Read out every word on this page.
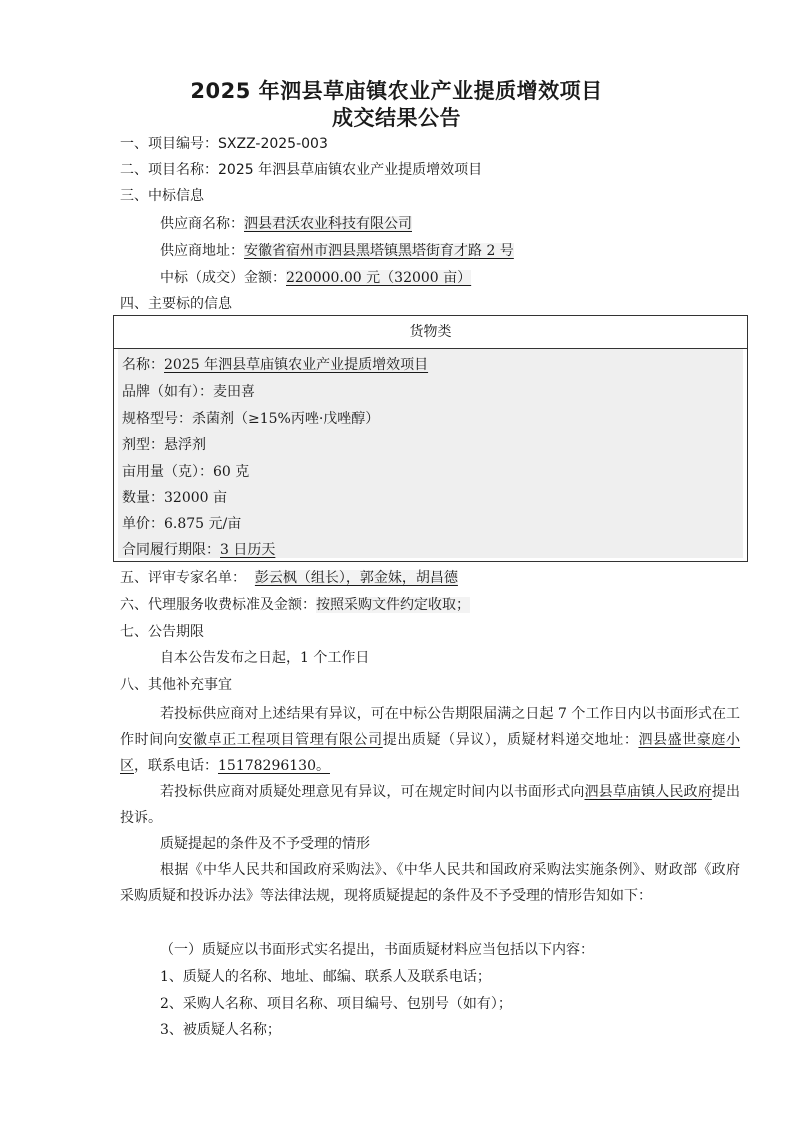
2025 年泗县草庙镇农业产业提质增效项目
成交结果公告
一、项目编号：SXZZ-2025-003
二、项目名称：2025 年泗县草庙镇农业产业提质增效项目
三、中标信息
供应商名称：泗县君沃农业科技有限公司
供应商地址：安徽省宿州市泗县黑塔镇黑塔街育才路 2 号
中标（成交）金额：220000.00 元（32000 亩）
四、主要标的信息
货物类
名称：2025 年泗县草庙镇农业产业提质增效项目
品牌（如有）：麦田喜
规格型号：杀菌剂（≥15%丙唑·戊唑醇）
剂型：悬浮剂
亩用量（克）：60 克
数量：32000 亩
单价：6.875 元/亩
合同履行期限：3 日历天
五、评审专家名单： 彭云枫（组长），郭金妹，胡昌德
六、代理服务收费标准及金额：按照采购文件约定收取；
七、公告期限
自本公告发布之日起，1 个工作日
八、其他补充事宜
若投标供应商对上述结果有异议，可在中标公告期限届满之日起 7 个工作日内以书面形式在工作时间向安徽卓正工程项目管理有限公司提出质疑（异议），质疑材料递交地址：泗县盛世豪庭小区，联系电话：15178296130。
若投标供应商对质疑处理意见有异议，可在规定时间内以书面形式向泗县草庙镇人民政府提出投诉。
质疑提起的条件及不予受理的情形
根据《中华人民共和国政府采购法》、《中华人民共和国政府采购法实施条例》、财政部《政府采购质疑和投诉办法》等法律法规，现将质疑提起的条件及不予受理的情形告知如下：
（一）质疑应以书面形式实名提出，书面质疑材料应当包括以下内容：
1、质疑人的名称、地址、邮编、联系人及联系电话；
2、采购人名称、项目名称、项目编号、包别号（如有）；
3、被质疑人名称；
